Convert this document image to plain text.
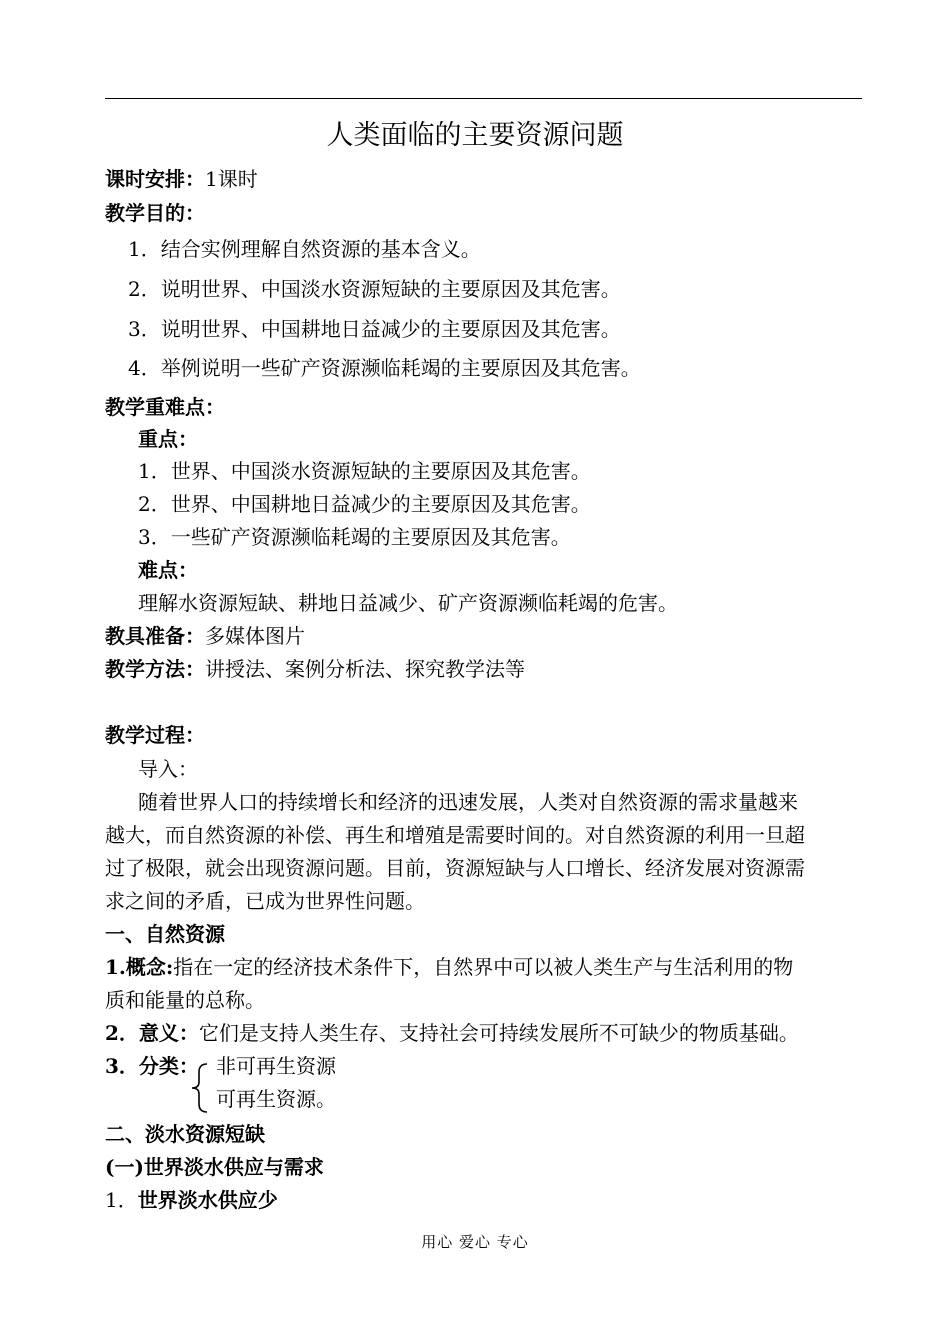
人类面临的主要资源问题
课时安排：1课时
教学目的：
1．结合实例理解自然资源的基本含义。
2．说明世界、中国淡水资源短缺的主要原因及其危害。
3．说明世界、中国耕地日益减少的主要原因及其危害。
4．举例说明一些矿产资源濒临耗竭的主要原因及其危害。
教学重难点：
重点：
1．世界、中国淡水资源短缺的主要原因及其危害。
2．世界、中国耕地日益减少的主要原因及其危害。
3．一些矿产资源濒临耗竭的主要原因及其危害。
难点：
理解水资源短缺、耕地日益减少、矿产资源濒临耗竭的危害。
教具准备：多媒体图片
教学方法：讲授法、案例分析法、探究教学法等
教学过程：
导入：
随着世界人口的持续增长和经济的迅速发展，人类对自然资源的需求量越来
越大，而自然资源的补偿、再生和增殖是需要时间的。对自然资源的利用一旦超
过了极限，就会出现资源问题。目前，资源短缺与人口增长、经济发展对资源需
求之间的矛盾，已成为世界性问题。
一、自然资源
1.概念:指在一定的经济技术条件下，自然界中可以被人类生产与生活利用的物
质和能量的总称。
2．意义：它们是支持人类生存、支持社会可持续发展所不可缺少的物质基础。
3．分类： 非可再生资源
可再生资源。
二、淡水资源短缺
(一)世界淡水供应与需求
1．世界淡水供应少
用心 爱心 专心
